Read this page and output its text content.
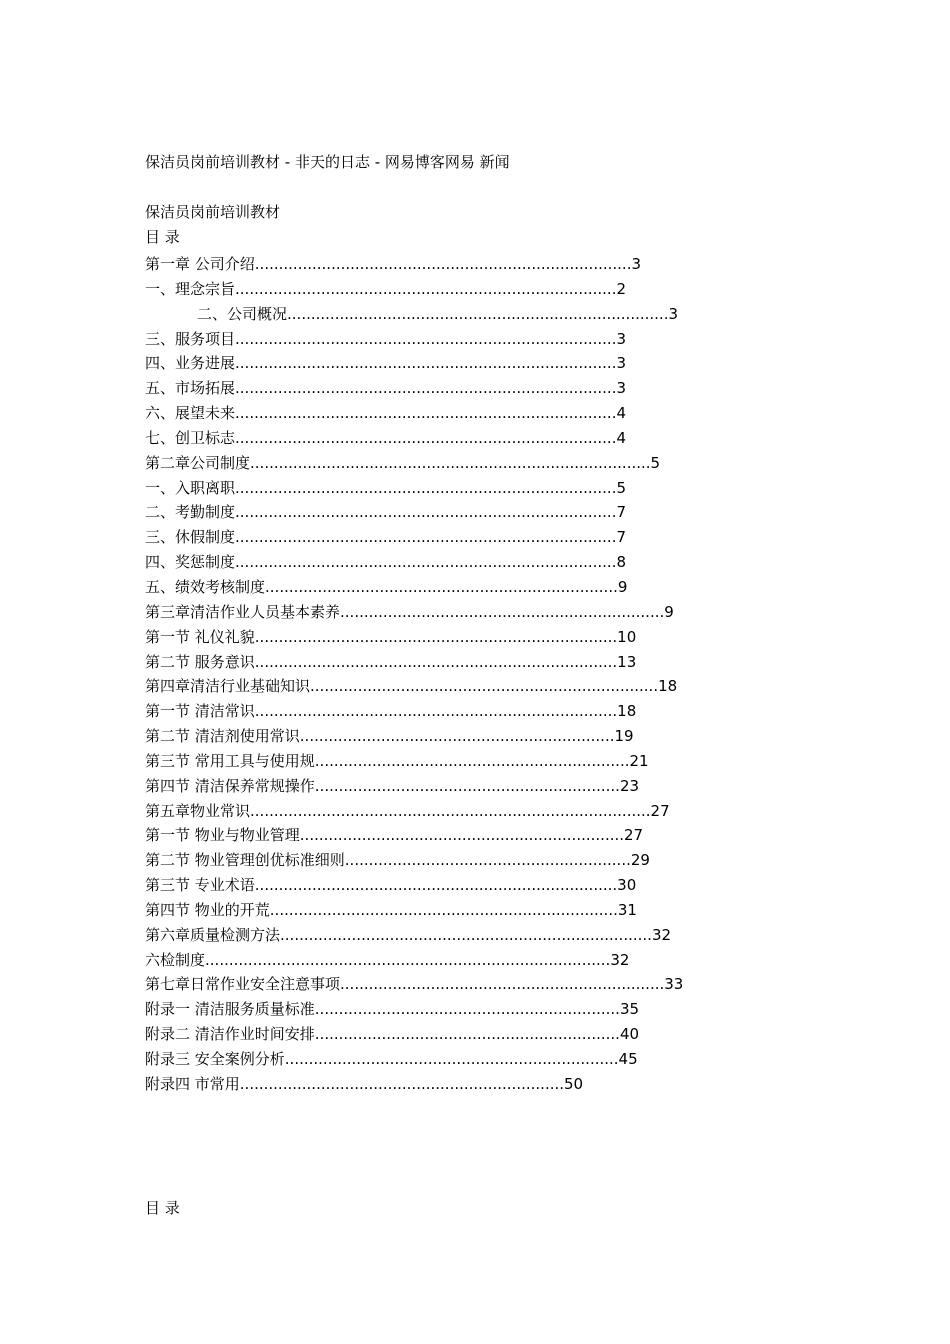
保洁员岗前培训教材 - 非天的日志 - 网易博客网易 新闻
保洁员岗前培训教材
目 录
第一章 公司介绍...............................................................................3
一、理念宗旨................................................................................2
二、公司概况................................................................................3
三、服务项目................................................................................3
四、业务进展................................................................................3
五、市场拓展................................................................................3
六、展望未来................................................................................4
七、创卫标志................................................................................4
第二章公司制度....................................................................................5
一、入职离职................................................................................5
二、考勤制度................................................................................7
三、休假制度................................................................................7
四、奖惩制度................................................................................8
五、绩效考核制度..........................................................................9
第三章清洁作业人员基本素养....................................................................9
第一节 礼仪礼貌............................................................................10
第二节 服务意识............................................................................13
第四章清洁行业基础知识.........................................................................18
第一节 清洁常识............................................................................18
第二节 清洁剂使用常识..................................................................19
第三节 常用工具与使用规..................................................................21
第四节 清洁保养常规操作................................................................23
第五章物业常识....................................................................................27
第一节 物业与物业管理....................................................................27
第二节 物业管理创优标准细则............................................................29
第三节 专业术语............................................................................30
第四节 物业的开荒.........................................................................31
第六章质量检测方法..............................................................................32
六检制度.....................................................................................32
第七章日常作业安全注意事项....................................................................33
附录一 清洁服务质量标准................................................................35
附录二 清洁作业时间安排................................................................40
附录三 安全案例分析......................................................................45
附录四 市常用....................................................................50
目 录
